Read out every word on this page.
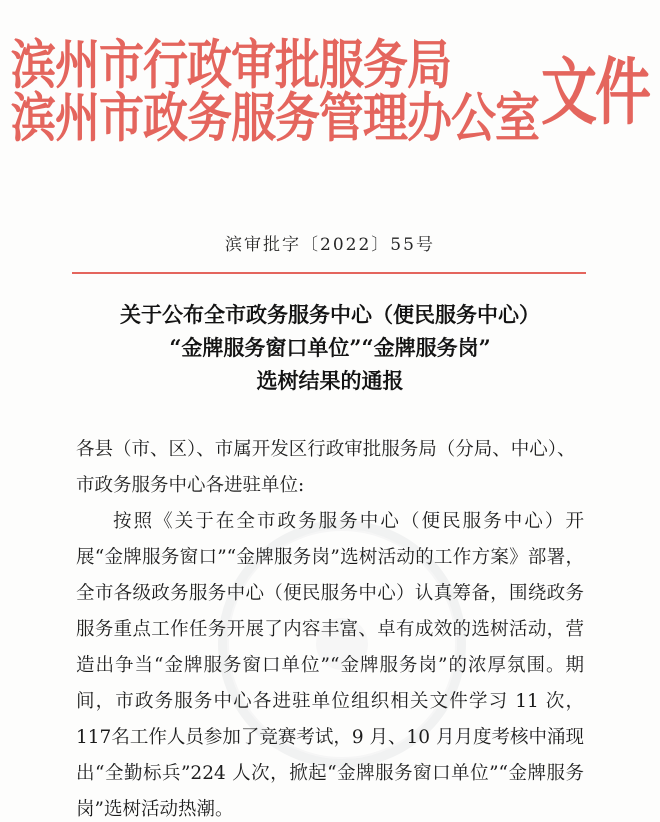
滨州市行政审批服务局
滨州市政务服务管理办公室 文件
滨审批字〔2022〕55号
关于公布全市政务服务中心（便民服务中心）
“金牌服务窗口单位”“金牌服务岗”
选树结果的通报

各县（市、区）、市属开发区行政审批服务局（分局、中心）、

市政务服务中心各进驻单位:

按照《关于在全市政务服务中心（便民服务中心）开展“金牌服务窗口”“金牌服务岗”选树活动的工作方案》部署，全市各级政务服务中心（便民服务中心）认真筹备，围绕政务服务重点工作任务开展了内容丰富、卓有成效的选树活动，营造出争当“金牌服务窗口单位”“金牌服务岗”的浓厚氛围。期间，市政务服务中心各进驻单位组织相关文件学习 11 次，117名工作人员参加了竞赛考试，9 月、10 月月度考核中涌现出“全勤标兵”224 人次，掀起“金牌服务窗口单位”“金牌服务岗”选树活动热潮。
